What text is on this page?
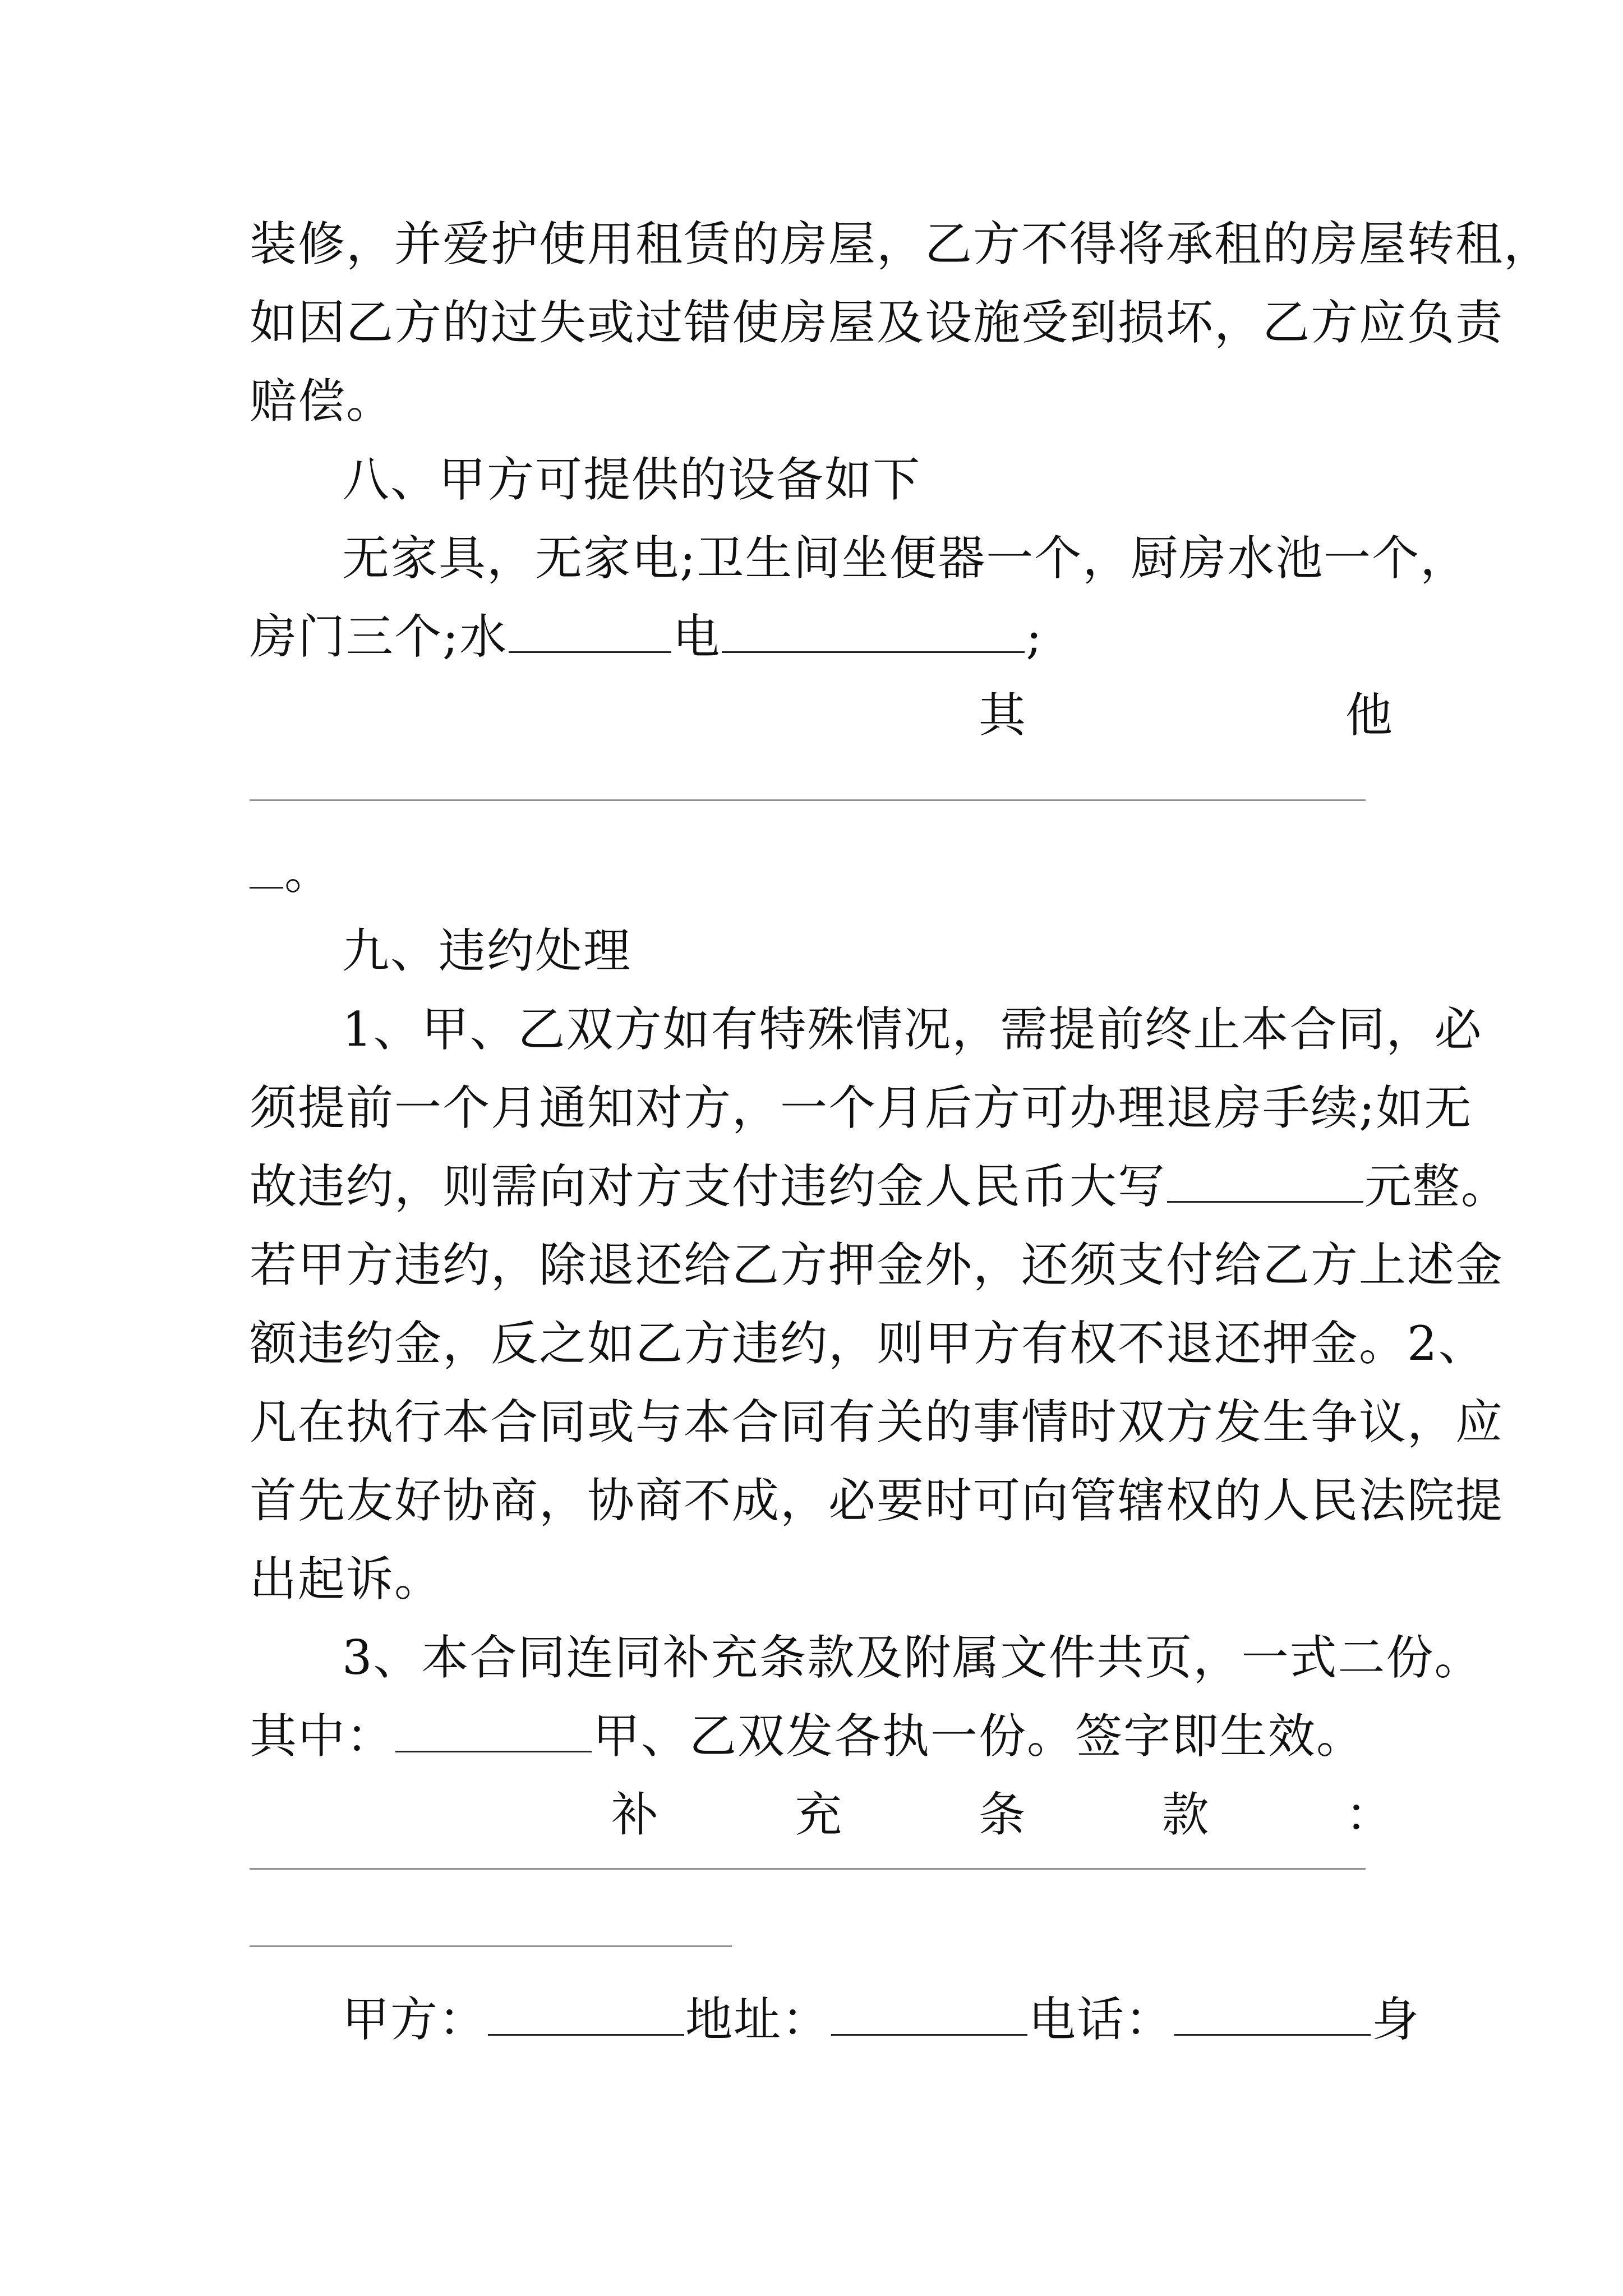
装修，并爱护使用租赁的房屋，乙方不得将承租的房屋转租，
如因乙方的过失或过错使房屋及设施受到损坏，乙方应负责
赔偿。
八、甲方可提供的设备如下
无家具，无家电;卫生间坐便器一个，厨房水池一个，
房门三个;水	电	;
其	他
。
九、违约处理
1、甲、乙双方如有特殊情况，需提前终止本合同，必
须提前一个月通知对方，一个月后方可办理退房手续;如无
故违约，则需向对方支付违约金人民币大写	元整。
若甲方违约，除退还给乙方押金外，还须支付给乙方上述金
额违约金，反之如乙方违约，则甲方有权不退还押金。2、
凡在执行本合同或与本合同有关的事情时双方发生争议，应
首先友好协商，协商不成，必要时可向管辖权的人民法院提
出起诉。
3、本合同连同补充条款及附属文件共页，一式二份。
其中：	甲、乙双发各执一份。签字即生效。
补	充	条	款	：
甲方：	地址：	电话：	身
